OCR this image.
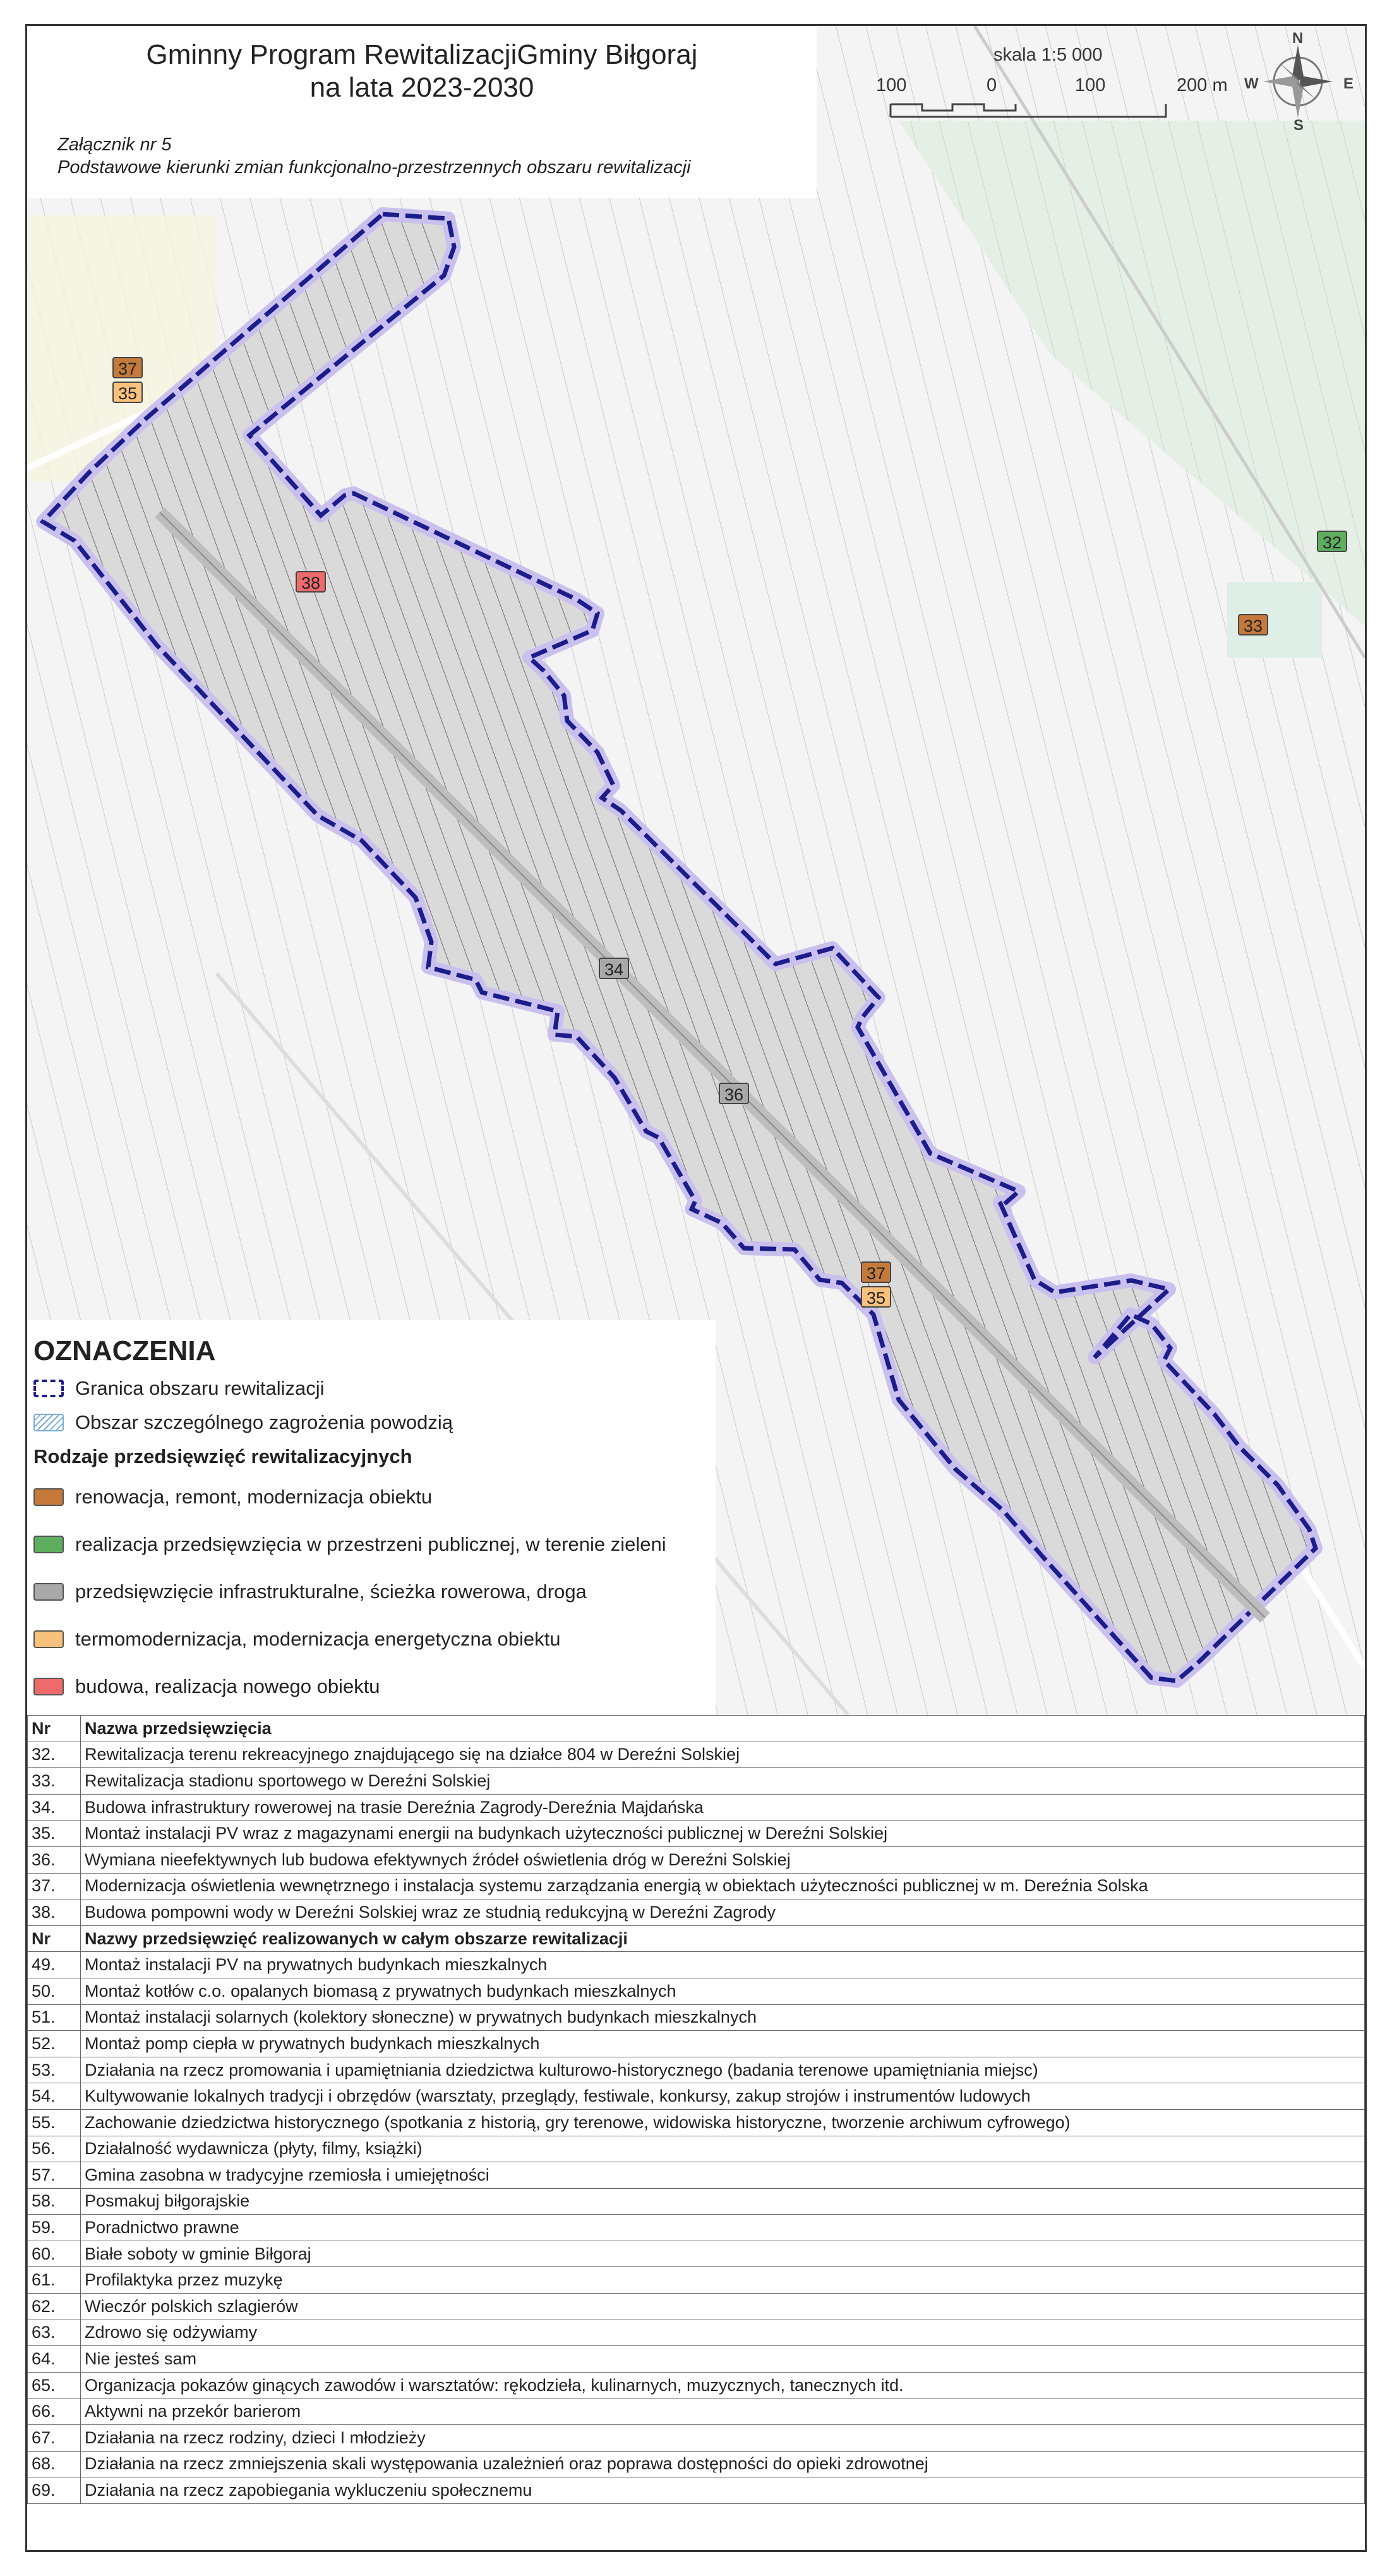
Gminny Program RewitalizacjiGminy Biłgoraj
na lata 2023-2030
Załącznik nr 5
Podstawowe kierunki zmian funkcjonalno-przestrzennych obszaru rewitalizacji
skala 1:5 000
100	0	100	200 m
N
S
E
W
37
35
38
32
33
34
36
37
35
OZNACZENIA
Granica obszaru rewitalizacji
Obszar szczególnego zagrożenia powodzią
Rodzaje przedsięwzięć rewitalizacyjnych
renowacja, remont, modernizacja obiektu
realizacja przedsięwzięcia w przestrzeni publicznej, w terenie zieleni
przedsięwzięcie infrastrukturalne, ścieżka rowerowa, droga
termomodernizacja, modernizacja energetyczna obiektu
budowa, realizacja nowego obiektu
Nr	Nazwa przedsięwzięcia
32.	Rewitalizacja terenu rekreacyjnego znajdującego się na działce 804 w Dereźni Solskiej
33.	Rewitalizacja stadionu sportowego w Dereźni Solskiej
34.	Budowa infrastruktury rowerowej na trasie Dereźnia Zagrody-Dereźnia Majdańska
35.	Montaż instalacji PV wraz z magazynami energii na budynkach użyteczności publicznej w Dereźni Solskiej
36.	Wymiana nieefektywnych lub budowa efektywnych źródeł oświetlenia dróg w Dereźni Solskiej
37.	Modernizacja oświetlenia wewnętrznego i instalacja systemu zarządzania energią w obiektach użyteczności publicznej w m. Dereźnia Solska
38.	Budowa pompowni wody w Dereźni Solskiej wraz ze studnią redukcyjną w Dereźni Zagrody
Nr	Nazwy przedsięwzięć realizowanych w całym obszarze rewitalizacji
49.	Montaż instalacji PV na prywatnych budynkach mieszkalnych
50.	Montaż kotłów c.o. opalanych biomasą z prywatnych budynkach mieszkalnych
51.	Montaż instalacji solarnych (kolektory słoneczne) w prywatnych budynkach mieszkalnych
52.	Montaż pomp ciepła w prywatnych budynkach mieszkalnych
53.	Działania na rzecz promowania i upamiętniania dziedzictwa kulturowo-historycznego (badania terenowe upamiętniania miejsc)
54.	Kultywowanie lokalnych tradycji i obrzędów (warsztaty, przeglądy, festiwale, konkursy, zakup strojów i instrumentów ludowych
55.	Zachowanie dziedzictwa historycznego (spotkania z historią, gry terenowe, widowiska historyczne, tworzenie archiwum cyfrowego)
56.	Działalność wydawnicza (płyty, filmy, książki)
57.	Gmina zasobna w tradycyjne rzemiosła i umiejętności
58.	Posmakuj biłgorajskie
59.	Poradnictwo prawne
60.	Białe soboty w gminie Biłgoraj
61.	Profilaktyka przez muzykę
62.	Wieczór polskich szlagierów
63.	Zdrowo się odżywiamy
64.	Nie jesteś sam
65.	Organizacja pokazów ginących zawodów i warsztatów: rękodzieła, kulinarnych, muzycznych, tanecznych itd.
66.	Aktywni na przekór barierom
67.	Działania na rzecz rodziny, dzieci I młodzieży
68.	Działania na rzecz zmniejszenia skali występowania uzależnień oraz poprawa dostępności do opieki zdrowotnej
69.	Działania na rzecz zapobiegania wykluczeniu społecznemu
